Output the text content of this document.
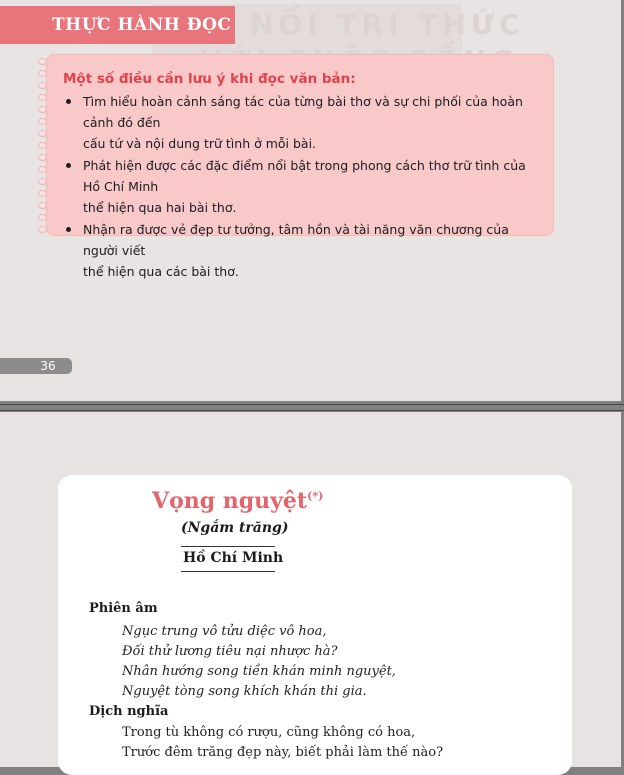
NỐI TRI THỨC
THỰC HÀNH ĐỌC

Một số điều cần lưu ý khi đọc văn bản:

Tìm hiểu hoàn cảnh sáng tác của từng bài thơ và sự chi phối của hoàn cảnh đó đến
cấu tứ và nội dung trữ tình ở mỗi bài.
Phát hiện được các đặc điểm nổi bật trong phong cách thơ trữ tình của Hồ Chí Minh
thể hiện qua hai bài thơ.
Nhận ra được vẻ đẹp tư tưởng, tâm hồn và tài năng văn chương của người viết
thể hiện qua các bài thơ.
36
Vọng nguyệt(*)
(Ngắm trăng)
Hồ Chí Minh
Phiên âm
Ngục trung vô tửu diệc vô hoa,
Đối thử lương tiêu nại nhược hà?
Nhân hướng song tiền khán minh nguyệt,
Nguyệt tòng song khích khán thi gia.
Dịch nghĩa
Trong tù không có rượu, cũng không có hoa,
Trước đêm trăng đẹp này, biết phải làm thế nào?
